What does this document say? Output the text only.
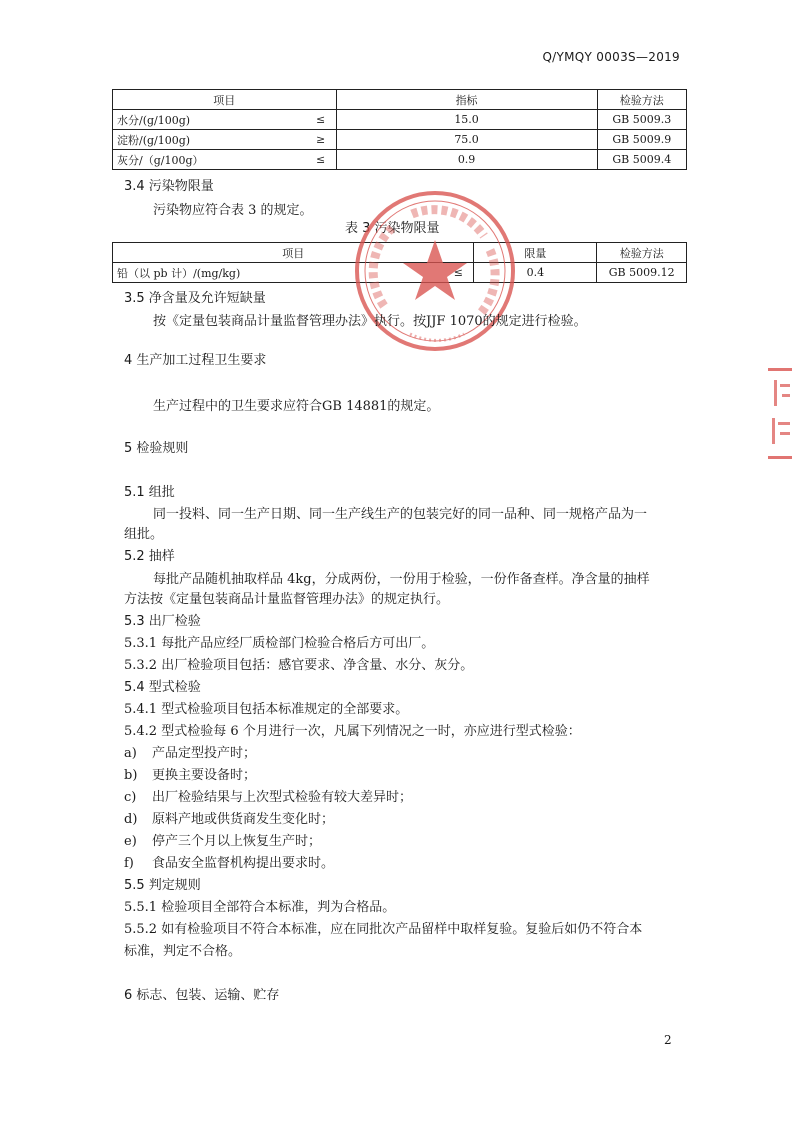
Q/YMQY 0003S—2019
项目		指标	检验方法
水分/(g/100g)	≤	15.0	GB 5009.3
淀粉/(g/100g)	≥	75.0	GB 5009.9
灰分/（g/100g）	≤	0.9	GB 5009.4
3.4 污染物限量
污染物应符合表 3 的规定。
表 3 污染物限量
项目		限量	检验方法
铅（以 pb 计）/(mg/kg)	≤	0.4	GB 5009.12
3.5 净含量及允许短缺量
按《定量包装商品计量监督管理办法》执行。按JJF 1070的规定进行检验。
4 生产加工过程卫生要求
生产过程中的卫生要求应符合GB 14881的规定。
5 检验规则
5.1 组批
同一投料、同一生产日期、同一生产线生产的包装完好的同一品种、同一规格产品为一
组批。
5.2 抽样
每批产品随机抽取样品 4kg，分成两份，一份用于检验，一份作备查样。净含量的抽样
方法按《定量包装商品计量监督管理办法》的规定执行。
5.3 出厂检验
5.3.1 每批产品应经厂质检部门检验合格后方可出厂。
5.3.2 出厂检验项目包括：感官要求、净含量、水分、灰分。
5.4 型式检验
5.4.1 型式检验项目包括本标准规定的全部要求。
5.4.2 型式检验每 6 个月进行一次，凡属下列情况之一时，亦应进行型式检验：
a) 产品定型投产时；
b) 更换主要设备时；
c) 出厂检验结果与上次型式检验有较大差异时；
d) 原料产地或供货商发生变化时；
e) 停产三个月以上恢复生产时；
f) 食品安全监督机构提出要求时。
5.5 判定规则
5.5.1 检验项目全部符合本标准，判为合格品。
5.5.2 如有检验项目不符合本标准，应在同批次产品留样中取样复验。复验后如仍不符合本
标准，判定不合格。
6 标志、包装、运输、贮存
2
